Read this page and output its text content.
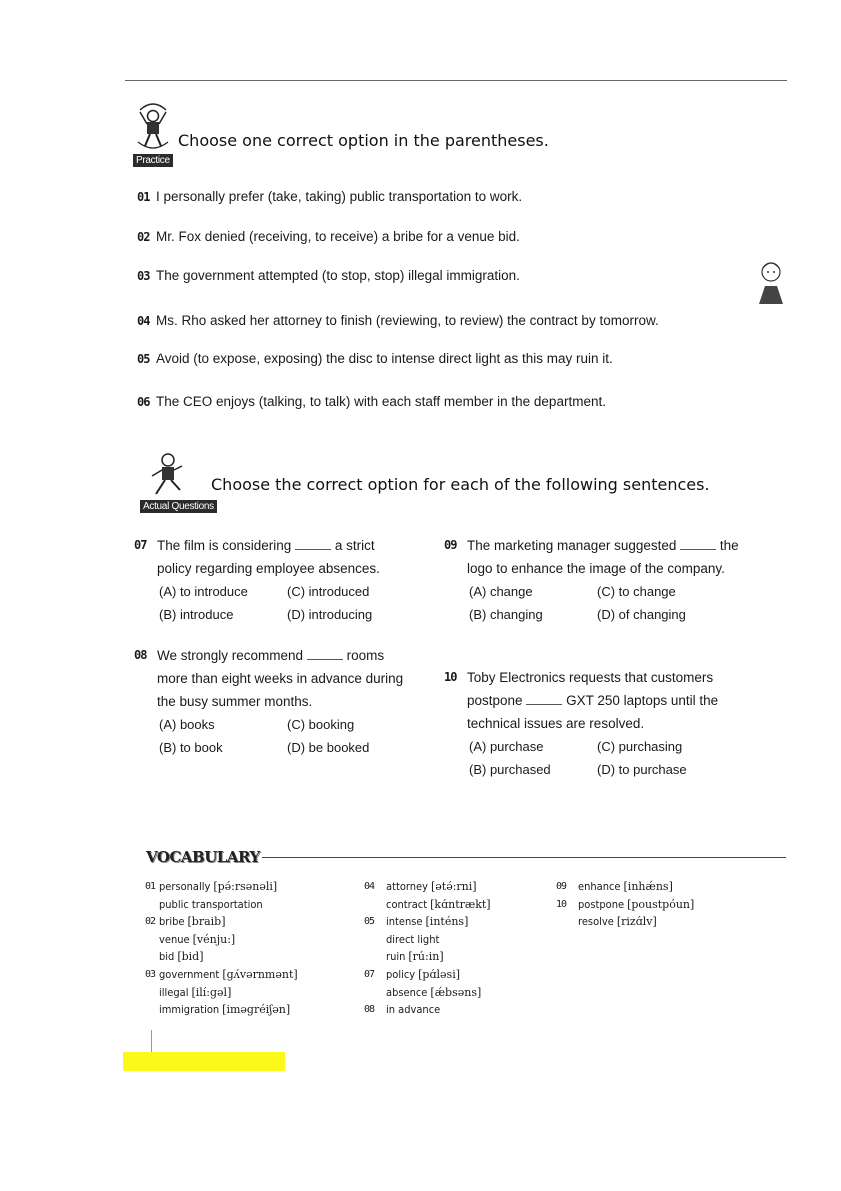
Practice
Choose one correct option in the parentheses.
01 I personally prefer (take, taking) public transportation to work.
02 Mr. Fox denied (receiving, to receive) a bribe for a venue bid.
03 The government attempted (to stop, stop) illegal immigration.
04 Ms. Rho asked her attorney to finish (reviewing, to review) the contract by tomorrow.
05 Avoid (to expose, exposing) the disc to intense direct light as this may ruin it.
06 The CEO enjoys (talking, to talk) with each staff member in the department.
Actual Questions
Choose the correct option for each of the following sentences.
07 The film is considering	a strict policy regarding employee absences.
(A) to introduce	(C) introduced
(B) introduce	(D) introducing
08 We strongly recommend	rooms more than eight weeks in advance during the busy summer months.
(A) books	(C) booking
(B) to book	(D) be booked
09 The marketing manager suggested	the logo to enhance the image of the company.
(A) change	(C) to change
(B) changing	(D) of changing
10 Toby Electronics requests that customers postpone	GXT 250 laptops until the technical issues are resolved.
(A) purchase	(C) purchasing
(B) purchased	(D) to purchase
VOCABULARY
01 personally [pə́:rsənəli]
public transportation
02 bribe [braib]
venue [vénju:]
bid [bid]
03 government [gʌ́vərnmənt]
illegal [ilí:gəl]
immigration [iməgréiʃən]
04 attorney [ətə́:rni]
contract [kɑ́ntrækt]
05 intense [inténs]
direct light
ruin [rú:in]
07 policy [pɑ́ləsi]
absence [ǽbsəns]
08 in advance
09 enhance [inhǽns]
10 postpone [poustpóun]
resolve [rizɑ́lv]
